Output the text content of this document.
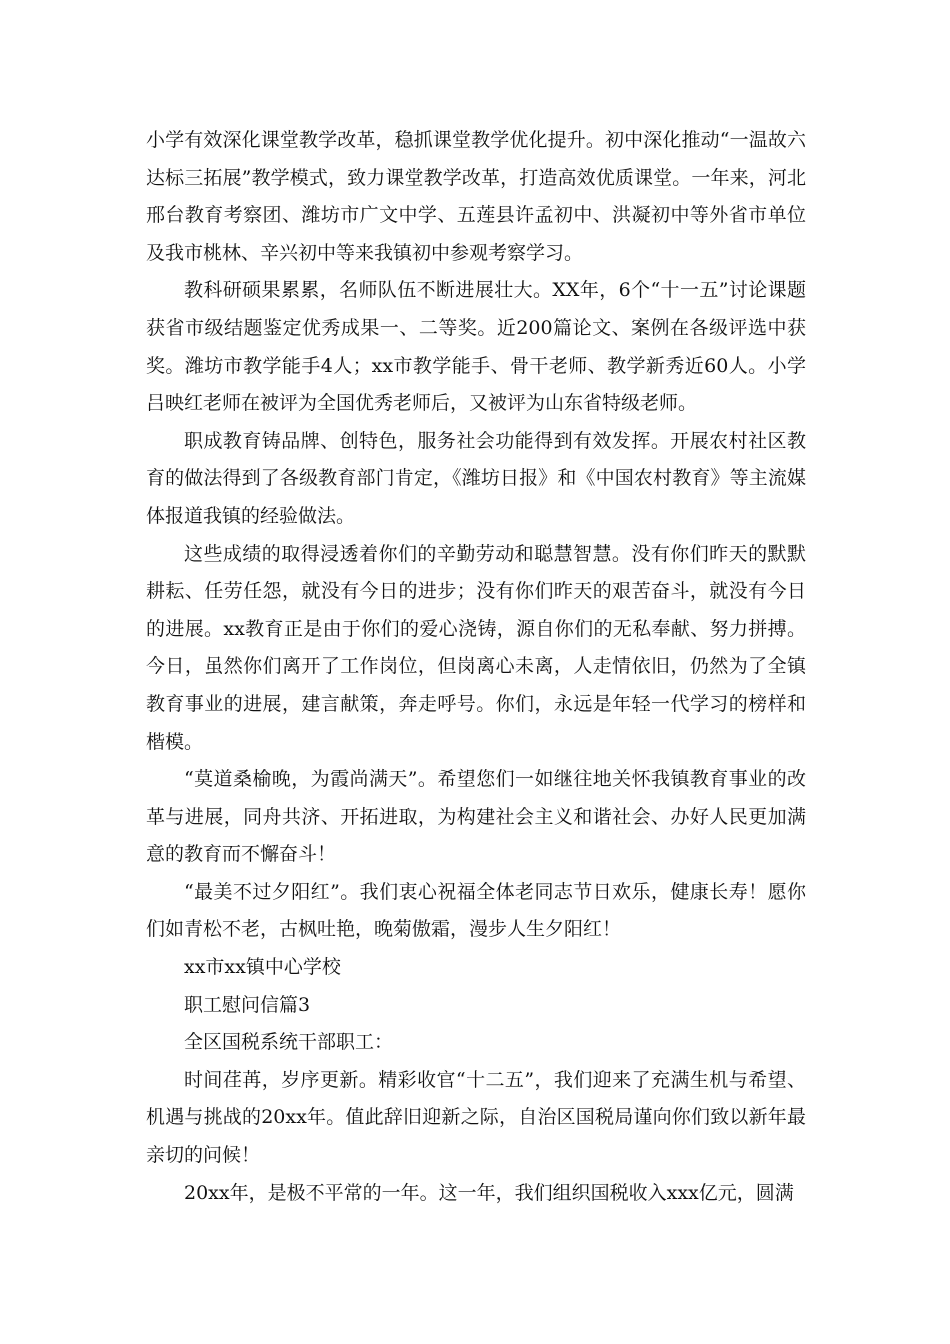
小学有效深化课堂教学改革，稳抓课堂教学优化提升。初中深化推动“一温故六达标三拓展”教学模式，致力课堂教学改革，打造高效优质课堂。一年来，河北邢台教育考察团、潍坊市广文中学、五莲县许孟初中、洪凝初中等外省市单位及我市桃林、辛兴初中等来我镇初中参观考察学习。

教科研硕果累累，名师队伍不断进展壮大。XX年，6个“十一五”讨论课题获省市级结题鉴定优秀成果一、二等奖。近200篇论文、案例在各级评选中获奖。潍坊市教学能手4人；xx市教学能手、骨干老师、教学新秀近60人。小学吕映红老师在被评为全国优秀老师后，又被评为山东省特级老师。

职成教育铸品牌、创特色，服务社会功能得到有效发挥。开展农村社区教育的做法得到了各级教育部门肯定，《潍坊日报》和《中国农村教育》等主流媒体报道我镇的经验做法。

这些成绩的取得浸透着你们的辛勤劳动和聪慧智慧。没有你们昨天的默默耕耘、任劳任怨，就没有今日的进步；没有你们昨天的艰苦奋斗，就没有今日的进展。xx教育正是由于你们的爱心浇铸，源自你们的无私奉献、努力拼搏。今日，虽然你们离开了工作岗位，但岗离心未离，人走情依旧，仍然为了全镇教育事业的进展，建言献策，奔走呼号。你们，永远是年轻一代学习的榜样和楷模。

“莫道桑榆晚，为霞尚满天”。希望您们一如继往地关怀我镇教育事业的改革与进展，同舟共济、开拓进取，为构建社会主义和谐社会、办好人民更加满意的教育而不懈奋斗！

“最美不过夕阳红”。我们衷心祝福全体老同志节日欢乐，健康长寿！愿你们如青松不老，古枫吐艳，晚菊傲霜，漫步人生夕阳红！

xx市xx镇中心学校

职工慰问信篇3

全区国税系统干部职工：

时间荏苒，岁序更新。精彩收官“十二五”，我们迎来了充满生机与希望、机遇与挑战的20xx年。值此辞旧迎新之际，自治区国税局谨向你们致以新年最亲切的问候！

20xx年，是极不平常的一年。这一年，我们组织国税收入xxx亿元，圆满
